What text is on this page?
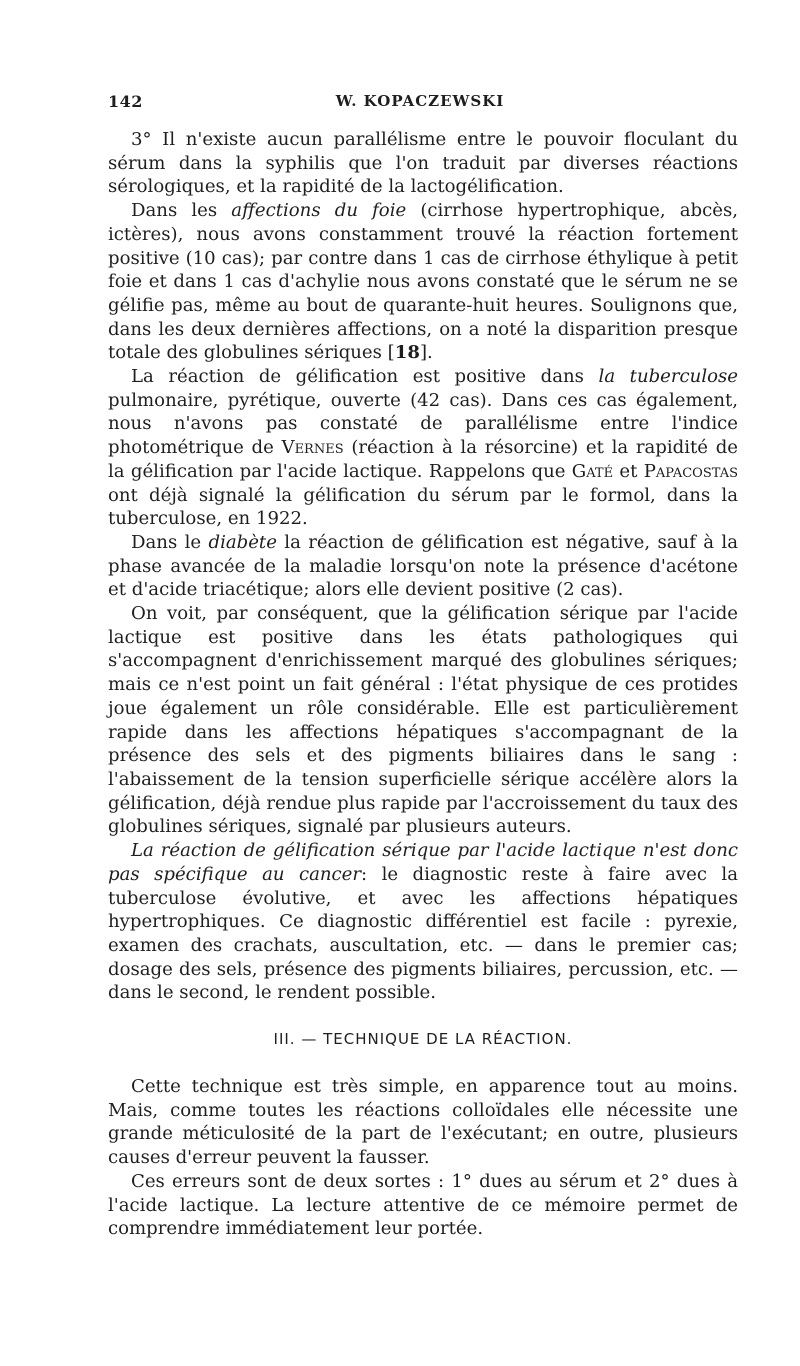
142	W. KOPACZEWSKI

3° Il n'existe aucun parallélisme entre le pouvoir floculant du sérum dans la syphilis que l'on traduit par diverses réactions sérologiques, et la rapidité de la lactogélification.

Dans les affections du foie (cirrhose hypertrophique, abcès, ictères), nous avons constamment trouvé la réaction fortement positive (10 cas); par contre dans 1 cas de cirrhose éthylique à petit foie et dans 1 cas d'achylie nous avons constaté que le sérum ne se gélifie pas, même au bout de quarante-huit heures. Soulignons que, dans les deux dernières affections, on a noté la disparition presque totale des globulines sériques [18].

La réaction de gélification est positive dans la tuberculose pulmonaire, pyrétique, ouverte (42 cas). Dans ces cas également, nous n'avons pas constaté de parallélisme entre l'indice photométrique de Vernes (réaction à la résorcine) et la rapidité de la gélification par l'acide lactique. Rappelons que Gaté et Papacostas ont déjà signalé la gélification du sérum par le formol, dans la tuberculose, en 1922.

Dans le diabète la réaction de gélification est négative, sauf à la phase avancée de la maladie lorsqu'on note la présence d'acétone et d'acide triacétique; alors elle devient positive (2 cas).

On voit, par conséquent, que la gélification sérique par l'acide lactique est positive dans les états pathologiques qui s'accompagnent d'enrichissement marqué des globulines sériques; mais ce n'est point un fait général : l'état physique de ces protides joue également un rôle considérable. Elle est particulièrement rapide dans les affections hépatiques s'accompagnant de la présence des sels et des pigments biliaires dans le sang : l'abaissement de la tension superficielle sérique accélère alors la gélification, déjà rendue plus rapide par l'accroissement du taux des globulines sériques, signalé par plusieurs auteurs.

La réaction de gélification sérique par l'acide lactique n'est donc pas spécifique au cancer: le diagnostic reste à faire avec la tuberculose évolutive, et avec les affections hépatiques hypertrophiques. Ce diagnostic différentiel est facile : pyrexie, examen des crachats, auscultation, etc. — dans le premier cas; dosage des sels, présence des pigments biliaires, percussion, etc. — dans le second, le rendent possible.

III. — TECHNIQUE DE LA RÉACTION.

Cette technique est très simple, en apparence tout au moins. Mais, comme toutes les réactions colloïdales elle nécessite une grande méticulosité de la part de l'exécutant; en outre, plusieurs causes d'erreur peuvent la fausser.

Ces erreurs sont de deux sortes : 1° dues au sérum et 2° dues à l'acide lactique. La lecture attentive de ce mémoire permet de comprendre immédiatement leur portée.
